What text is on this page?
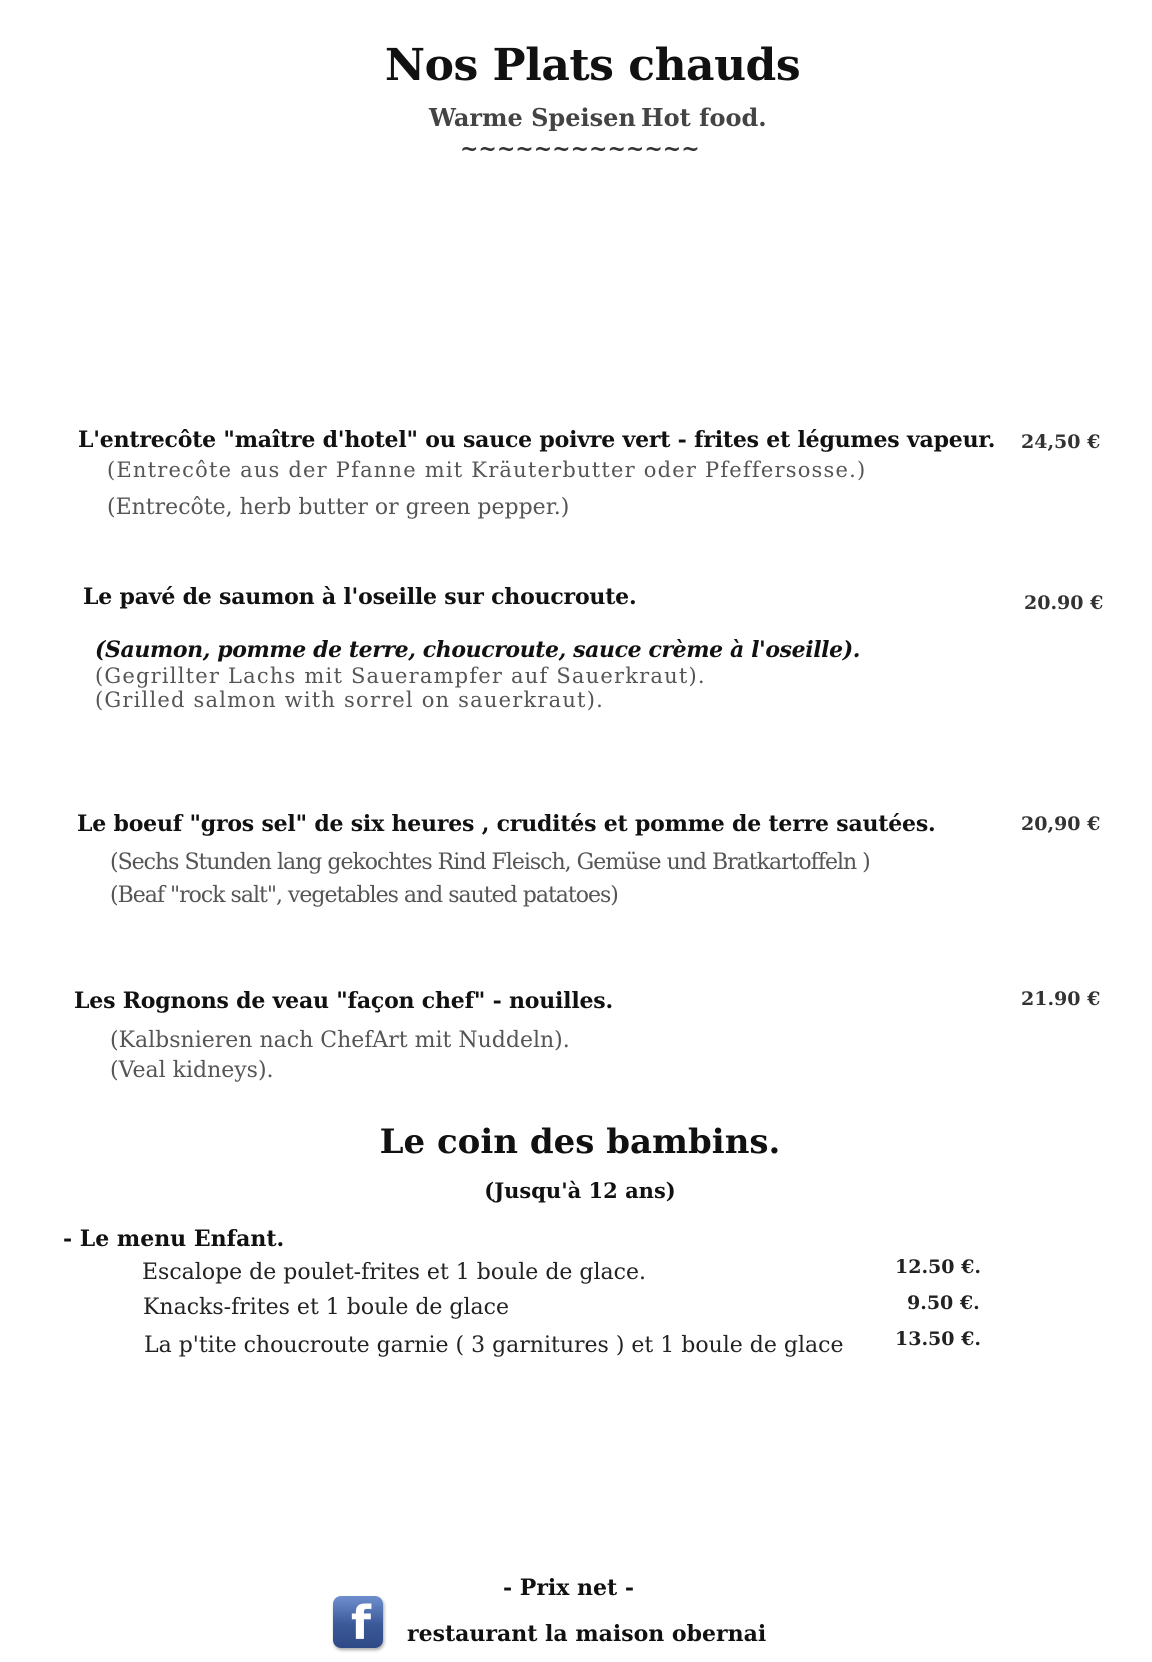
Nos Plats chauds
Warme Speisen Hot food.
~~~~~~~~~~~~~
L'entrecôte "maître d'hotel" ou sauce poivre vert - frites et légumes vapeur. 24,50 €
(Entrecôte aus der Pfanne mit Kräuterbutter oder Pfeffersosse.)
(Entrecôte, herb butter or green pepper.)
Le pavé de saumon à l'oseille sur choucroute.	20.90 €
(Saumon, pomme de terre, choucroute, sauce crème à l'oseille).
(Gegrillter Lachs mit Sauerampfer auf Sauerkraut).
(Grilled salmon with sorrel on sauerkraut).
Le boeuf "gros sel" de six heures , crudités et pomme de terre sautées.	20,90 €
(Sechs Stunden lang gekochtes Rind Fleisch, Gemüse und Bratkartoffeln )
(Beaf "rock salt", vegetables and sauted patatoes)
Les Rognons de veau "façon chef" - nouilles.	21.90 €
(Kalbsnieren nach ChefArt mit Nuddeln).
(Veal kidneys).
Le coin des bambins.
(Jusqu'à 12 ans)
- Le menu Enfant.
Escalope de poulet-frites et 1 boule de glace.	12.50 €.
Knacks-frites et 1 boule de glace	9.50 €.
La p'tite choucroute garnie ( 3 garnitures ) et 1 boule de glace	13.50 €.
- Prix net -
f restaurant la maison obernai
